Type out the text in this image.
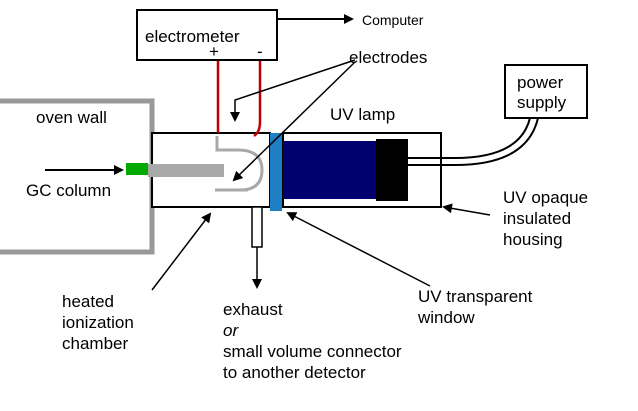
electrometer
+ -
Computer
electrodes
UV lamp
power
supply
oven wall
GC column	UV opaque
insulated
housing
heated
ionization
chamber
exhaust
or
small volume connector
to another detector
UV transparent
window
